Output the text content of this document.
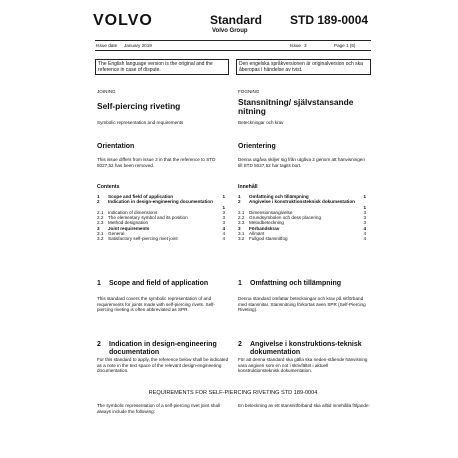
VOLVO	Standard
Volvo Group
STD 189-0004
Issue date January 2019	Issue 3	Page 1 (6)
The English language version is the original and the reference in case of dispute.
Den engelska språkversionen är originalversion och ska åberopas i händelse av tvist.
JOINING
Self-piercing riveting
Symbolic representation and requirements
Orientation
This issue differs from issue 2 in that the reference to STD 5027,52 has been removed.
Contents
1 Scope and field of application	1
2 Indication in design-engineering documentation
1
2.1 Indication of dimensions	3
2.2 The elementary symbol and its position	3
2.3 Method designation	3
3 Joint requirements	4
3.1 General	4
3.2 Satisfactory self-piercing rivet joint	4
1 Scope and field of application
This standard covers the symbolic representation of and requirements for joints made with self-piercing rivets. Self-piercing riveting is often abbreviated as SPR.
2 Indication in design-engineering documentation
For this standard to apply, the reference below shall be indicated as a note in the text space of the relevant design-engineering documentation.
The symbolic representation of a self-piercing rivet joint shall always include the following:
FOGNING
Stansnitning/ självstansande nitning
Beteckningar och krav
Orientering
Denna utgåva skiljer sig från utgåva 2 genom att hänvisningen till STD 5027,52 har tagits bort.
Innehåll
1 Omfattning och tillämpning	1
2 Angivelse i konstruktionsteknisk dokumentation
1
2.1 Dimensionsangivelse	3
2.2 Grundsymbolen och dess placering	3
2.3 Metodbeteckning	3
3 Förbandskrav	4
3.1 Allmänt	4
3.2 Fullgod stansnitfog	4
1 Omfattning och tillämpning
Denna standard omfattar beteckningar och krav på nitförband med stansnitar. Stansnitning förkortas även SPR (Self-Piercing Riveting).
2 Angivelse i konstruktions-teknisk dokumentation
För att denna standard ska gälla ska neden-stående hänvisning vara angiven som en not i skrivfältet i aktuell konstruktionsteknisk dokumentation.
En beteckning av ett stansnitförband ska alltid innehålla följande:
REQUIREMENTS FOR SELF-PIERCING RIVETING STD 189-0004
